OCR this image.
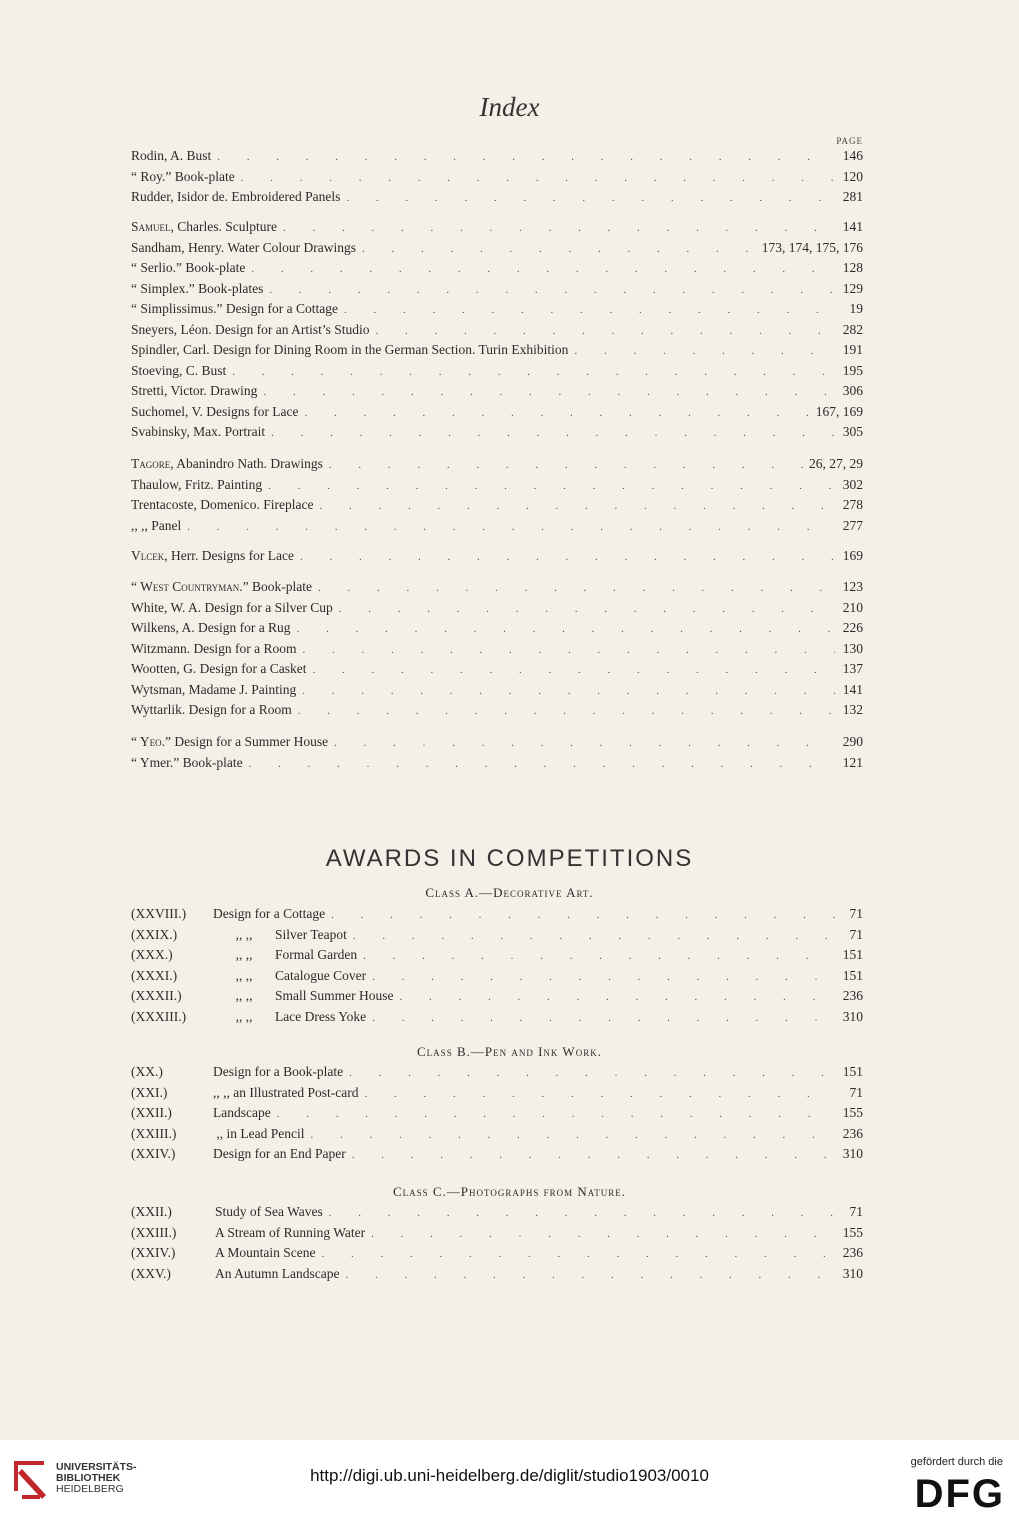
Index
PAGE
Rodin, A. Bust . . .	146
“ Roy.” Book-plate . . .	120
Rudder, Isidor de. Embroidered Panels . . .	281
Samuel, Charles. Sculpture . . .	141
Sandham, Henry. Water Colour Drawings . . .	173, 174, 175, 176
“ Serlio.” Book-plate . . .	128
“ Simplex.” Book-plates . . .	129
“ Simplissimus.” Design for a Cottage . . .	19
Sneyers, Léon. Design for an Artist’s Studio . . .	282
Spindler, Carl. Design for Dining Room in the German Section. Turin Exhibition . . .	191
Stoeving, C. Bust . . .	195
Stretti, Victor. Drawing . . .	306
Suchomel, V. Designs for Lace . . .	167, 169
Svabinsky, Max. Portrait . . .	305
Tagore, Abanindro Nath. Drawings . . .	26, 27, 29
Thaulow, Fritz. Painting . . .	302
Trentacoste, Domenico. Fireplace . . .	278
,, ,, Panel . . .	277
Vlcek, Herr. Designs for Lace . . .	169
“ West Countryman.” Book-plate . . .	123
White, W. A. Design for a Silver Cup . . .	210
Wilkens, A. Design for a Rug . . .	226
Witzmann. Design for a Room . . .	130
Wootten, G. Design for a Casket . . .	137
Wytsman, Madame J. Painting . . .	141
Wyttarlik. Design for a Room . . .	132
“ Yeo.” Design for a Summer House . . .	290
“ Ymer.” Book-plate . . .	121
AWARDS IN COMPETITIONS
Class A.—Decorative Art.
(XXVIII.) Design for a Cottage . . .	71
(XXIX.)	,, ,, Silver Teapot . . .	71
(XXX.)	,, ,, Formal Garden . . .	151
(XXXI.)	,, ,, Catalogue Cover . . .	151
(XXXII.)	,, ,, Small Summer House . . .	236
(XXXIII.)	,, ,, Lace Dress Yoke . . .	310
Class B.—Pen and Ink Work.
(XX.)	Design for a Book-plate . . .	151
(XXI.)	,, ,, an Illustrated Post-card . . .	71
(XXII.)	Landscape . . .	155
(XXIII.)	,, in Lead Pencil . . .	236
(XXIV.)	Design for an End Paper . . .	310
Class C.—Photographs from Nature.
(XXII.)	Study of Sea Waves . . .	71
(XXIII.)	A Stream of Running Water . . .	155
(XXIV.)	A Mountain Scene . . .	236
(XXV.)	An Autumn Landscape . . .	310
UNIVERSITÄTS-
BIBLIOTHEK
HEIDELBERG
http://digi.ub.uni-heidelberg.de/diglit/studio1903/0010
gefördert durch die
DFG
